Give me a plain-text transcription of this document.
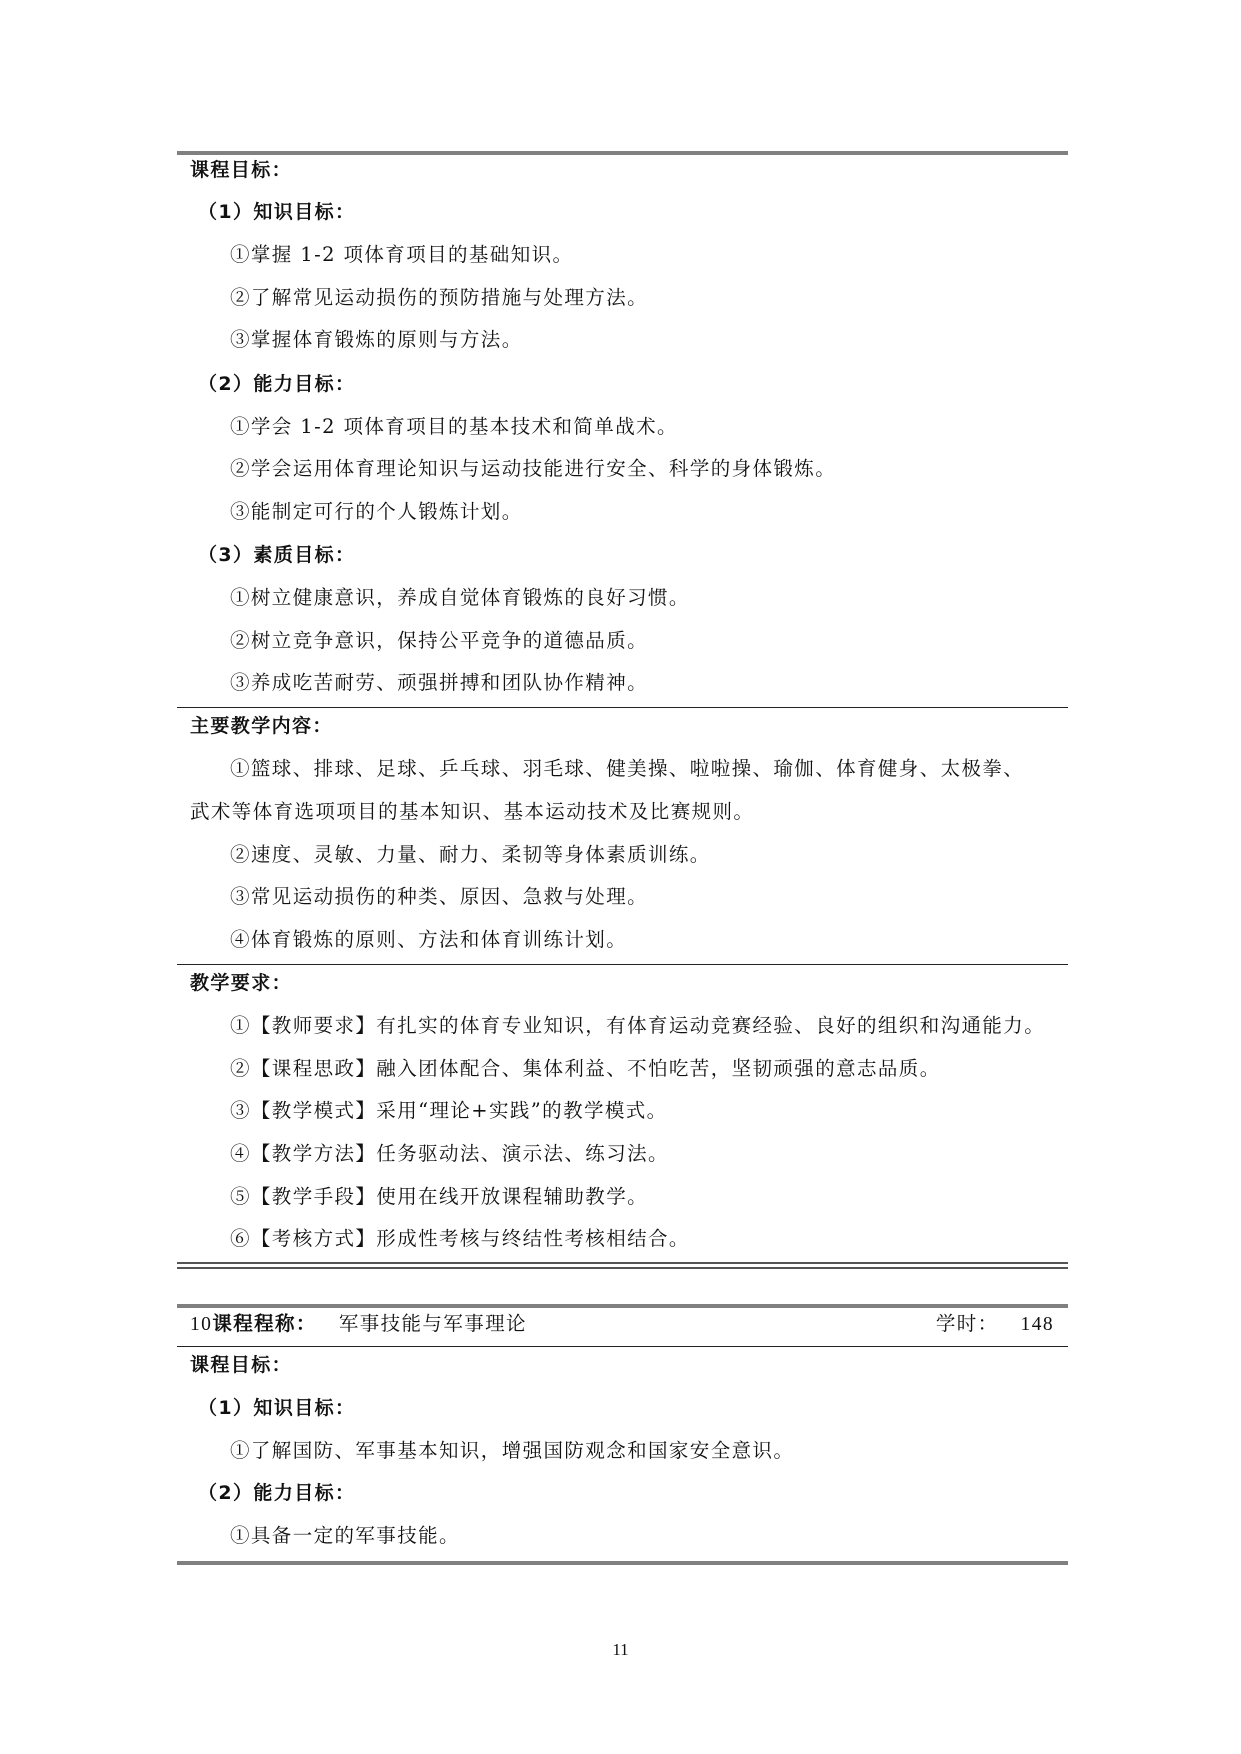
课程目标：
（1）知识目标：
①掌握 1-2 项体育项目的基础知识。
②了解常见运动损伤的预防措施与处理方法。
③掌握体育锻炼的原则与方法。
（2）能力目标：
①学会 1-2 项体育项目的基本技术和简单战术。
②学会运用体育理论知识与运动技能进行安全、科学的身体锻炼。
③能制定可行的个人锻炼计划。
（3）素质目标：
①树立健康意识，养成自觉体育锻炼的良好习惯。
②树立竞争意识，保持公平竞争的道德品质。
③养成吃苦耐劳、顽强拼搏和团队协作精神。
主要教学内容：
①篮球、排球、足球、乒乓球、羽毛球、健美操、啦啦操、瑜伽、体育健身、太极拳、
武术等体育选项项目的基本知识、基本运动技术及比赛规则。
②速度、灵敏、力量、耐力、柔韧等身体素质训练。
③常见运动损伤的种类、原因、急救与处理。
④体育锻炼的原则、方法和体育训练计划。
教学要求：
①【教师要求】有扎实的体育专业知识，有体育运动竞赛经验、良好的组织和沟通能力。
②【课程思政】融入团体配合、集体利益、不怕吃苦，坚韧顽强的意志品质。
③【教学模式】采用“理论+实践”的教学模式。
④【教学方法】任务驱动法、演示法、练习法。
⑤【教学手段】使用在线开放课程辅助教学。
⑥【考核方式】形成性考核与终结性考核相结合。
10课程程称： 军事技能与军事理论	学时： 148
课程目标：
（1）知识目标：
①了解国防、军事基本知识，增强国防观念和国家安全意识。
（2）能力目标：
①具备一定的军事技能。
11
